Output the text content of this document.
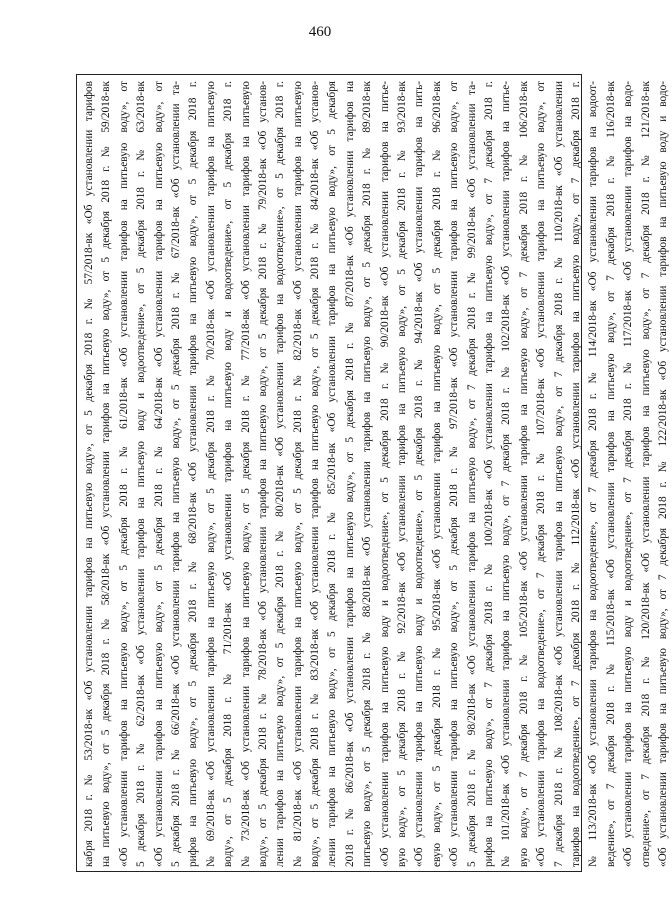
460
кабря 2018 г. № 53/2018-вк «Об установлении тарифов на питьевую воду», от 5 декабря 2018 г. № 57/2018-вк «Об установлении тарифов на питьевую воду», от 5 декабря 2018 г. № 58/2018-вк «Об установлении тарифов на питьевую воду», от 5 декабря 2018 г. № 59/2018-вк «Об установлении тарифов на питьевую воду», от 5 декабря 2018 г. № 61/2018-вк «Об установлении тарифов на питьевую воду», от 5 декабря 2018 г. № 62/2018-вк «Об установлении тарифов на питьевую воду и водоотведение», от 5 декабря 2018 г. № 63/2018-вк «Об установлении тарифов на питьевую воду», от 5 декабря 2018 г. № 64/2018-вк «Об установлении тарифов на питьевую воду», от 5 декабря 2018 г. № 66/2018-вк «Об установлении тарифов на питьевую воду», от 5 декабря 2018 г. № 67/2018-вк «Об установлении та- рифов на питьевую воду», от 5 декабря 2018 г. № 68/2018-вк «Об установлении тарифов на питьевую воду», от 5 декабря 2018 г. № 69/2018-вк «Об установлении тарифов на питьевую воду», от 5 декабря 2018 г. № 70/2018-вк «Об установлении тарифов на питьевую воду», от 5 декабря 2018 г. № 71/2018-вк «Об установлении тарифов на питьевую воду и водоотведение», от 5 декабря 2018 г. № 73/2018-вк «Об установлении тарифов на питьевую воду», от 5 декабря 2018 г. № 77/2018-вк «Об установлении тарифов на питьевую воду», от 5 декабря 2018 г. № 78/2018-вк «Об установлении тарифов на питьевую воду», от 5 декабря 2018 г. № 79/2018-вк «Об установ- лении тарифов на питьевую воду», от 5 декабря 2018 г. № 80/2018-вк «Об установлении тарифов на водоотведение», от 5 декабря 2018 г. № 81/2018-вк «Об установлении тарифов на питьевую воду», от 5 декабря 2018 г. № 82/2018-вк «Об установлении тарифов на питьевую воду», от 5 декабря 2018 г. № 83/2018-вк «Об установлении тарифов на питьевую воду», от 5 декабря 2018 г. № 84/2018-вк «Об установ- лении тарифов на питьевую воду», от 5 декабря 2018 г. № 85/2018-вк «Об установлении тарифов на питьевую воду», от 5 декабря 2018 г. № 86/2018-вк «Об установлении тарифов на питьевую воду», от 5 декабря 2018 г. № 87/2018-вк «Об установлении тарифов на питьевую воду», от 5 декабря 2018 г. № 88/2018-вк «Об установлении тарифов на питьевую воду», от 5 декабря 2018 г. № 89/2018-вк «Об установлении тарифов на питьевую воду и водоотведение», от 5 декабря 2018 г. № 90/2018-вк «Об установлении тарифов на питье- вую воду», от 5 декабря 2018 г. № 92/2018-вк «Об установлении тарифов на питьевую воду», от 5 декабря 2018 г. № 93/2018-вк «Об установлении тарифов на питьевую воду и водоотведение», от 5 декабря 2018 г. № 94/2018-вк «Об установлении тарифов на пить- евую воду», от 5 декабря 2018 г. № 95/2018-вк «Об установлении тарифов на питьевую воду», от 5 декабря 2018 г. № 96/2018-вк «Об установлении тарифов на питьевую воду», от 5 декабря 2018 г. № 97/2018-вк «Об установлении тарифов на питьевую воду», от 5 декабря 2018 г. № 98/2018-вк «Об установлении тарифов на питьевую воду», от 7 декабря 2018 г. № 99/2018-вк «Об установлении та- рифов на питьевую воду», от 7 декабря 2018 г. № 100/2018-вк «Об установлении тарифов на питьевую воду», от 7 декабря 2018 г. № 101/2018-вк «Об установлении тарифов на питьевую воду», от 7 декабря 2018 г. № 102/2018-вк «Об установлении тарифов на питье- вую воду», от 7 декабря 2018 г. № 105/2018-вк «Об установлении тарифов на питьевую воду», от 7 декабря 2018 г. № 106/2018-вк «Об установлении тарифов на водоотведение», от 7 декабря 2018 г. № 107/2018-вк «Об установлении тарифов на питьевую воду», от 7 декабря 2018 г. № 108/2018-вк «Об установлении тарифов на питьевую воду», от 7 декабря 2018 г. № 110/2018-вк «Об установлении тарифов на водоотведение», от 7 декабря 2018 г. № 112/2018-вк «Об установлении тарифов на питьевую воду», от 7 декабря 2018 г. № 113/2018-вк «Об установлении тарифов на водоотведение», от 7 декабря 2018 г. № 114/2018-вк «Об установлении тарифов на водоот- ведение», от 7 декабря 2018 г. № 115/2018-вк «Об установлении тарифов на питьевую воду», от 7 декабря 2018 г. № 116/2018-вк «Об установлении тарифов на питьевую воду и водоотведение», от 7 декабря 2018 г. № 117/2018-вк «Об установлении тарифов на водо- отведение», от 7 декабря 2018 г. № 120/2018-вк «Об установлении тарифов на питьевую воду», от 7 декабря 2018 г. № 121/2018-вк «Об установлении тарифов на питьевую воду», от 7 декабря 2018 г. № 122/2018-вк «Об установлении тарифов на питьевую воду и водо-
